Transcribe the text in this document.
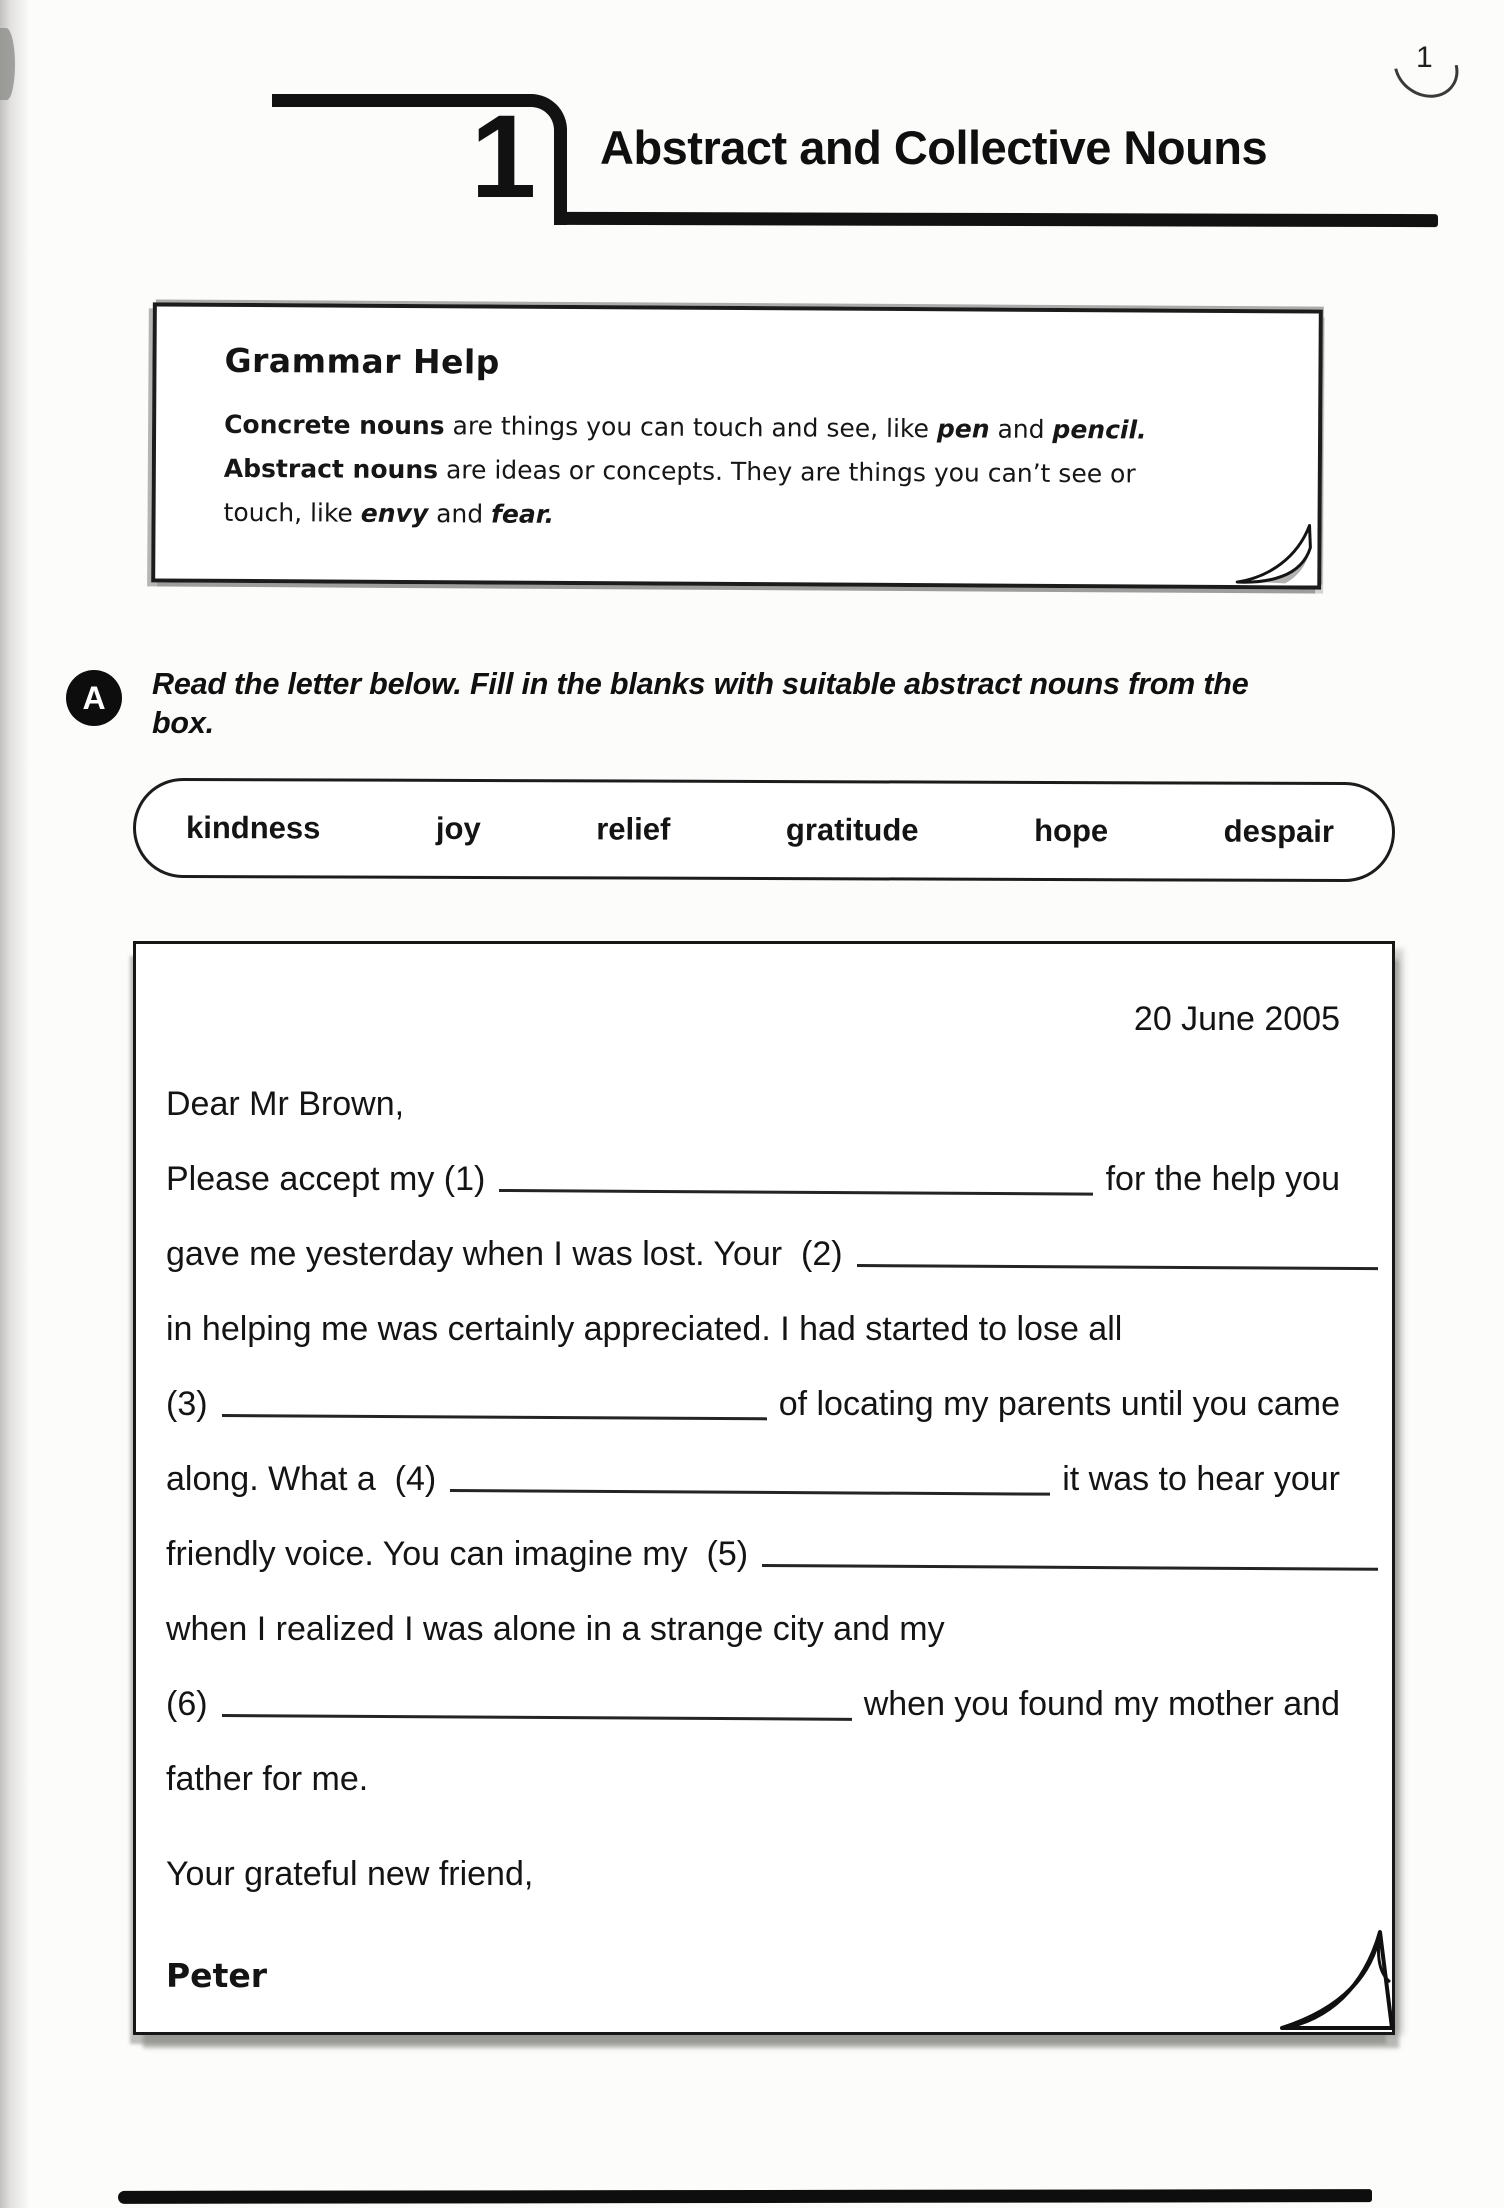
1
1	Abstract and Collective Nouns
Grammar Help
Concrete nouns are things you can touch and see, like pen and pencil.
Abstract nouns are ideas or concepts. They are things you can’t see or
touch, like envy and fear.
A Read the letter below. Fill in the blanks with suitable abstract nouns from the
box.
kindness	joy	relief	gratitude	hope	despair
20 June 2005
Dear Mr Brown,
Please accept my (1)	for the help you
gave me yesterday when I was lost. Your  (2)
in helping me was certainly appreciated. I had started to lose all
(3)	of locating my parents until you came
along. What a  (4)	it was to hear your
friendly voice. You can imagine my  (5)
when I realized I was alone in a strange city and my
(6)	when you found my mother and
father for me.
Your grateful new friend,
Peter
